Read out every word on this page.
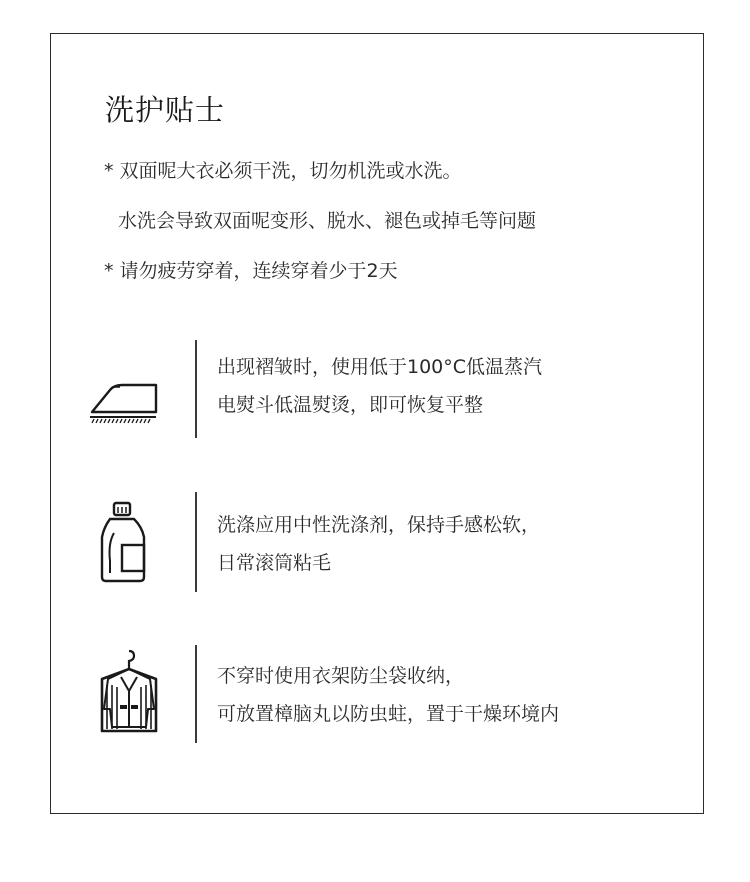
洗护贴士
* 双面呢大衣必须干洗，切勿机洗或水洗。
水洗会导致双面呢变形、脱水、褪色或掉毛等问题
* 请勿疲劳穿着，连续穿着少于2天
出现褶皱时，使用低于100°C低温蒸汽
电熨斗低温熨烫，即可恢复平整
洗涤应用中性洗涤剂，保持手感松软，
日常滚筒粘毛
不穿时使用衣架防尘袋收纳，
可放置樟脑丸以防虫蛀，置于干燥环境内
